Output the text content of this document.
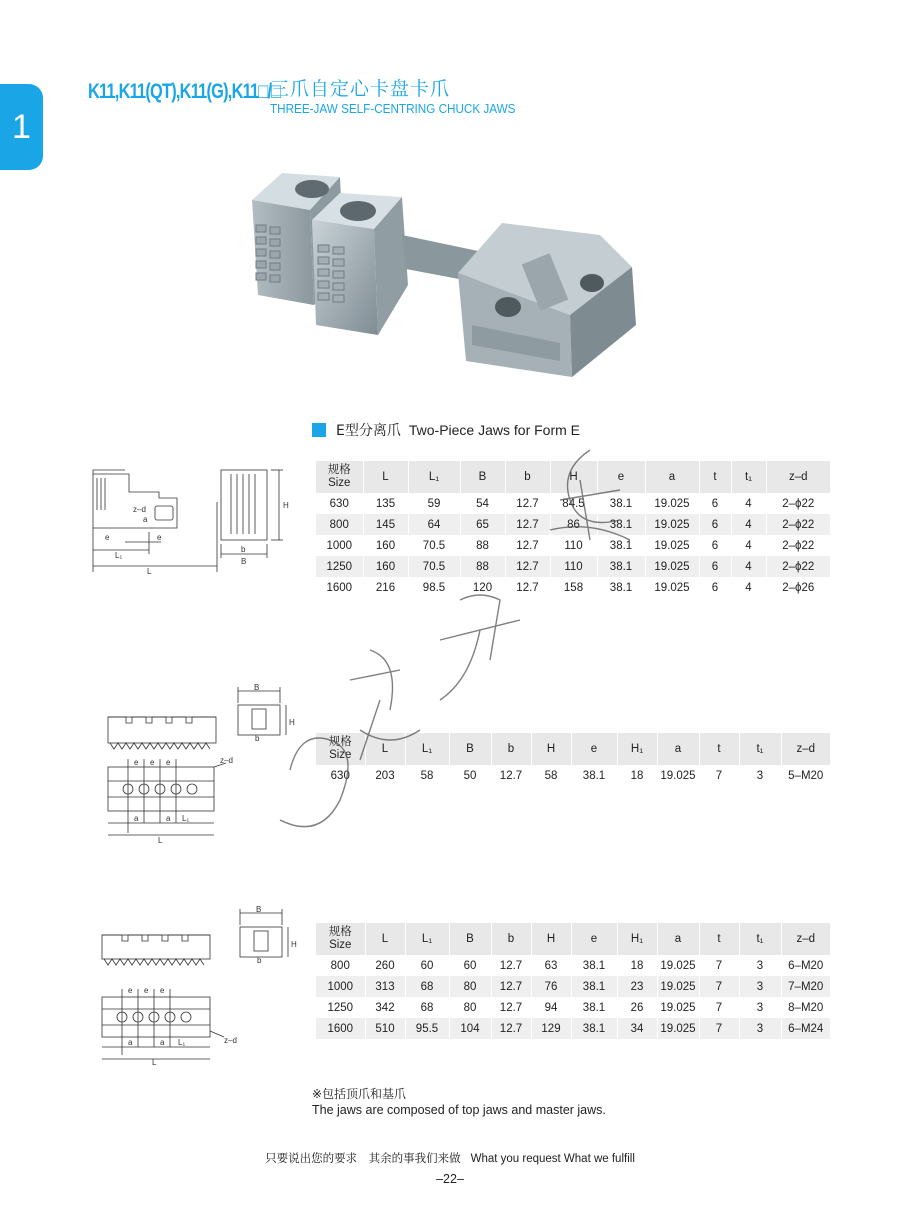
1
K11,K11(QT),K11(G),K11□/□
三爪自定心卡盘卡爪
THREE-JAW SELF-CENTRING CHUCK JAWS
E型分离爪 Two-Piece Jaws for Form E
z–d
a
e	e
L₁
L
b
B
H
规格
Size	L	L₁	B	b	H	e	a	t	t₁	z–d
630	135	59	54	12.7	84.5	38.1	19.025	6	4	2–ϕ22
800	145	64	65	12.7	86	38.1	19.025	6	4	2–ϕ22
1000	160	70.5	88	12.7	110	38.1	19.025	6	4	2–ϕ22
1250	160	70.5	88	12.7	110	38.1	19.025	6	4	2–ϕ22
1600	216	98.5	120	12.7	158	38.1	19.025	6	4	2–ϕ26
B
b
H
z–d
e e e
a	a L₁
L
规格
Size	L	L₁	B	b	H	e	H₁	a	t	t₁	z–d
630	203	58	50	12.7	58	38.1	18	19.025	7	3	5–M20
B
b
H
z–d
e e e
a	a L₁
L
规格
Size	L	L₁	B	b	H	e	H₁	a	t	t₁	z–d
800	260	60	60	12.7	63	38.1	18	19.025	7	3	6–M20
1000	313	68	80	12.7	76	38.1	23	19.025	7	3	7–M20
1250	342	68	80	12.7	94	38.1	26	19.025	7	3	8–M20
1600	510	95.5	104	12.7	129	38.1	34	19.025	7	3	6–M24
※包括顶爪和基爪
The jaws are composed of top jaws and master jaws.
只要说出您的要求　其余的事我们来做 What you request What we fulfill
–22–
